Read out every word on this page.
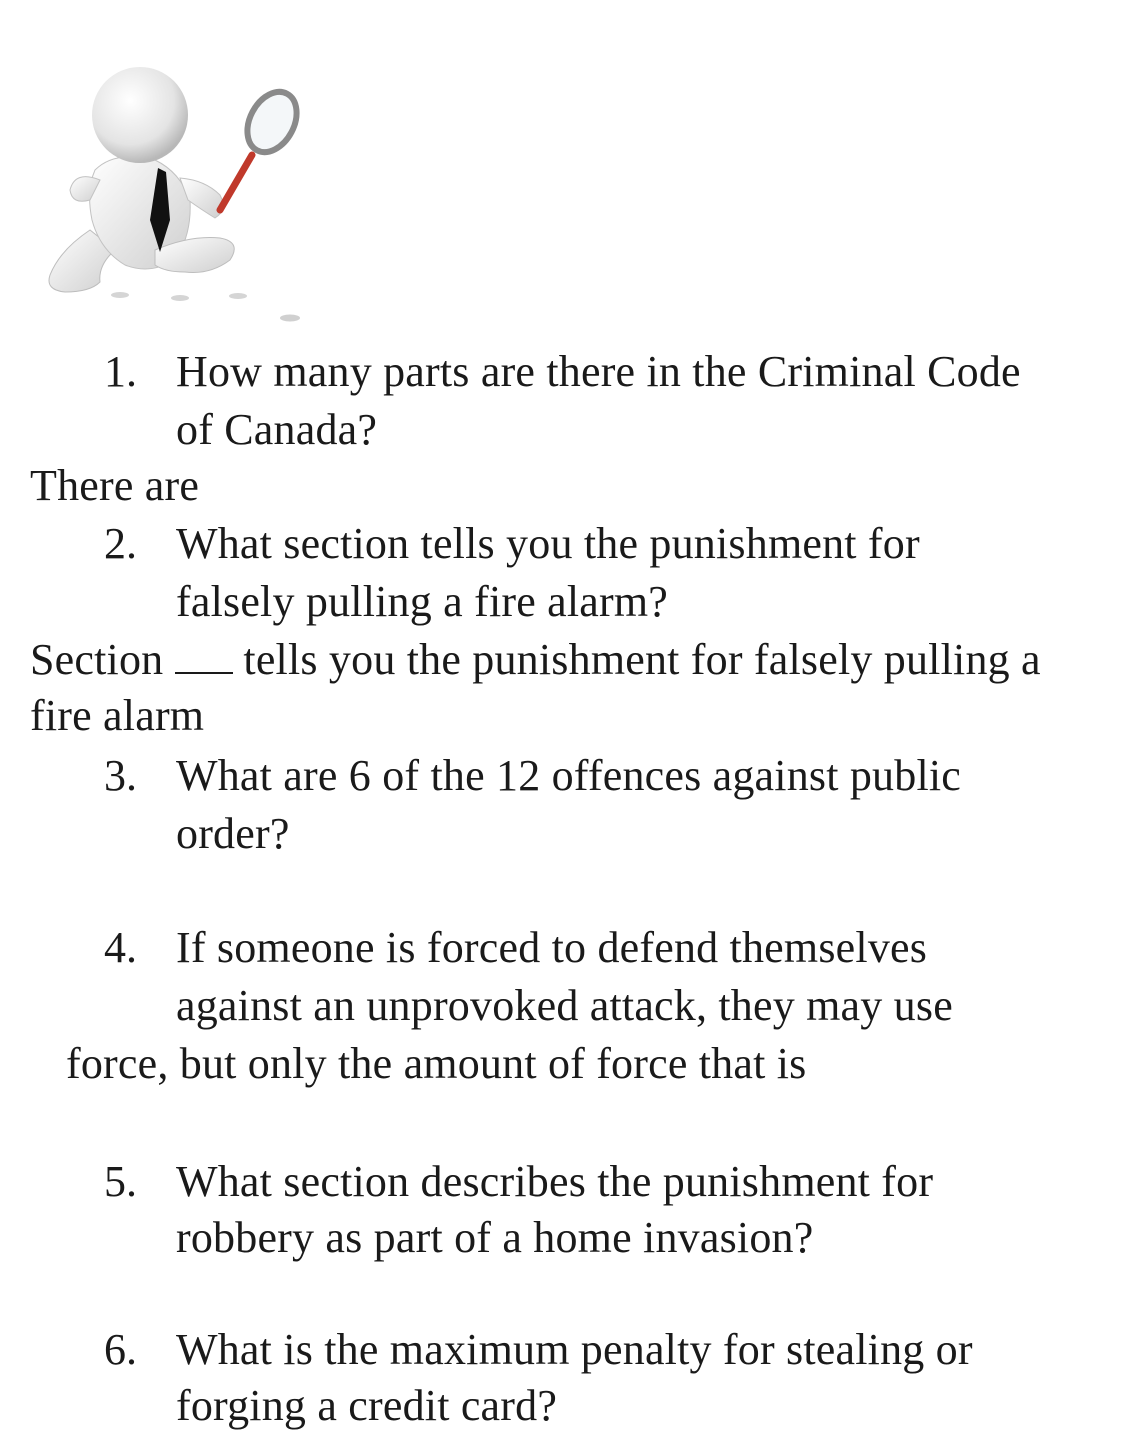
1. How many parts are there in the Criminal Code
of Canada?
There are
2. What section tells you the punishment for
falsely pulling a fire alarm?
Section tells you the punishment for falsely pulling a
fire alarm
3. What are 6 of the 12 offences against public
order?
4. If someone is forced to defend themselves
against an unprovoked attack, they may use
force, but only the amount of force that is
5. What section describes the punishment for
robbery as part of a home invasion?
6. What is the maximum penalty for stealing or
forging a credit card?
